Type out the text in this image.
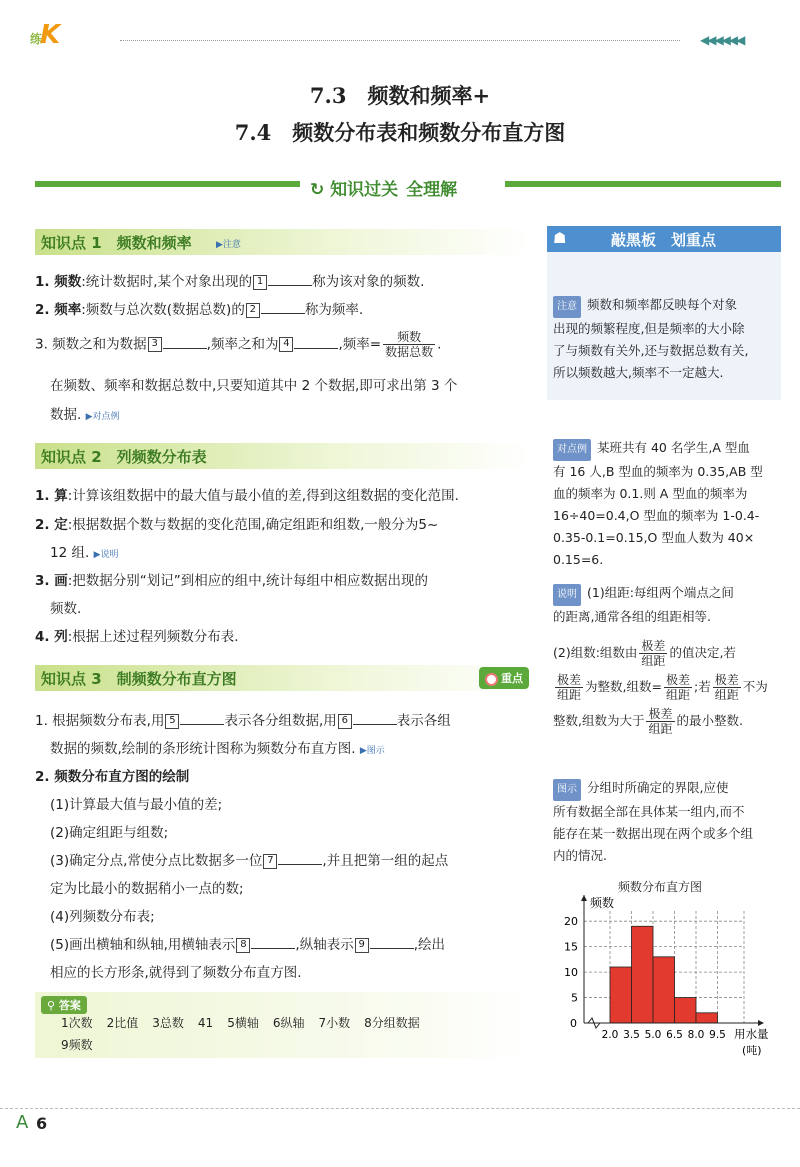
练K	◀◀◀◀◀◀
7.3　频数和频率+
7.4　频数分布表和频数分布直方图
↻ 知识过关 全理解
知识点 1　频数和频率	▶注意
1. 频数:统计数据时,某个对象出现的 1	称为该对象的频数.
2. 频率:频数与总次数(数据总数)的 2	称为频率.
3. 频数之和为数据 3	,频率之和为 4	,频率= $\frac{\text{频数}}{\text{数据总数}}$ .
在频数、频率和数据总数中,只要知道其中 2 个数据,即可求出第 3 个
数据. ▶对点例
知识点 2　列频数分布表
1. 算:计算该组数据中的最大值与最小值的差,得到这组数据的变化范围.
2. 定:根据数据个数与数据的变化范围,确定组距和组数,一般分为5~
12 组. ▶说明
3. 画:把数据分别“划记”到相应的组中,统计每组中相应数据出现的
频数.
4. 列:根据上述过程列频数分布表.
知识点 3　制频数分布直方图	重点
1. 根据频数分布表,用 5	表示各分组数据,用 6	表示各组
数据的频数,绘制的条形统计图称为频数分布直方图. ▶图示
2. 频数分布直方图的绘制
(1)计算最大值与最小值的差;
(2)确定组距与组数;
(3)确定分点,常使分点比数据多一位 7	,并且把第一组的起点
定为比最小的数据稍小一点的数;
(4)列频数分布表;
(5)画出横轴和纵轴,用横轴表示 8	,纵轴表示 9	,绘出
相应的长方形条,就得到了频数分布直方图.
⚲ 答案
1次数 2比值 3总数 41 5横轴 6纵轴 7小数 8分组数据
9频数
☗	敲黑板　划重点
注意 频数和频率都反映每个对象
出现的频繁程度,但是频率的大小除
了与频数有关外,还与数据总数有关,
所以频数越大,频率不一定越大.
对点例 某班共有 40 名学生,A 型血
有 16 人,B 型血的频率为 0.35,AB 型
血的频率为 0.1.则 A 型血的频率为
16÷40=0.4,O 型血的频率为 1-0.4-
0.35-0.1=0.15,O 型血人数为 40×
0.15=6.
说明 (1)组距:每组两个端点之间
的距离,通常各组的组距相等.
(2)组数:组数由 $\frac{\text{极差}}{\text{组距}}$ 的值决定,若
$\frac{\text{极差}}{\text{组距}}$ 为整数,组数= $\frac{\text{极差}}{\text{组距}}$ ;若 $\frac{\text{极差}}{\text{组距}}$ 不为
整数,组数为大于 $\frac{\text{极差}}{\text{组距}}$ 的最小整数.
图示 分组时所确定的界限,应使
所有数据全部在具体某一组内,而不
能存在某一数据出现在两个或多个组
内的情况.
频数分布直方图
5
10
15
20
0
2.0 3.5 5.0 6.5 8.0 9.5
频数
用水量
(吨)
A 6
